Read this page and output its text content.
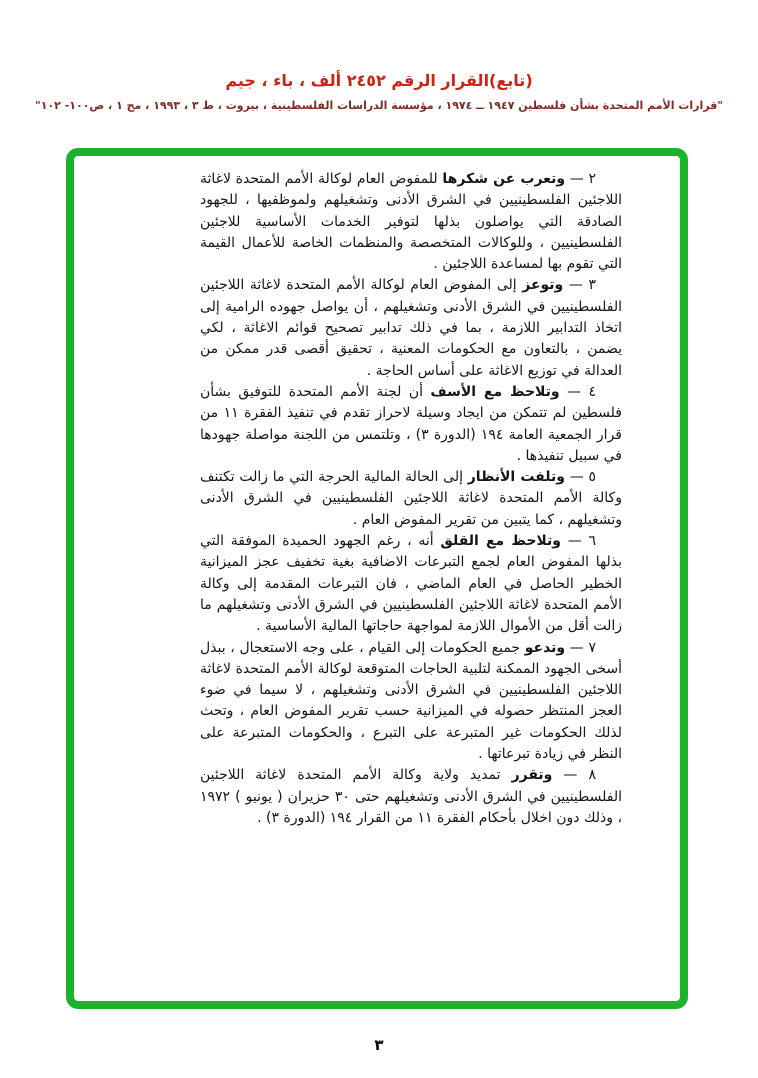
(تابع)القرار الرقم ٢٤٥٢ ألف ، باء ، جيم
"قرارات الأمم المتحدة بشأن فلسطين ١٩٤٧ ــ ١٩٧٤ ، مؤسسة الدراسات الفلسطينية ، بيروت ، ط ٣ ، ١٩٩٣ ، مج ١ ، ص١٠٠- ١٠٢"

٢ — وتعرب عن شكرها للمفوض العام لوكالة الأمم المتحدة لاغاثة اللاجئين الفلسطينيين في الشرق الأدنى وتشغيلهم ولموظفيها ، للجهود الصادقة التي يواصلون بذلها لتوفير الخدمات الأساسية للاجئين الفلسطينيين ، وللوكالات المتخصصة والمنظمات الخاصة للأعمال القيمة التي تقوم بها لمساعدة اللاجئين .

٣ — وتوعز إلى المفوض العام لوكالة الأمم المتحدة لاغاثة اللاجئين الفلسطينيين في الشرق الأدنى وتشغيلهم ، أن يواصل جهوده الرامية إلى اتخاذ التدابير اللازمة ، بما في ذلك تدابير تصحيح قوائم الاغاثة ، لكي يضمن ، بالتعاون مع الحكومات المعنية ، تحقيق أقصى قدر ممكن من العدالة في توزيع الاغاثة على أساس الحاجة .

٤ — وتلاحظ مع الأسف أن لجنة الأمم المتحدة للتوفيق بشأن فلسطين لم تتمكن من ايجاد وسيلة لاحراز تقدم في تنفيذ الفقرة ١١ من قرار الجمعية العامة ١٩٤ (الدورة ٣) ، وتلتمس من اللجنة مواصلة جهودها في سبيل تنفيذها .

٥ — وتلفت الأنظار إلى الحالة المالية الحرجة التي ما زالت تكتنف وكالة الأمم المتحدة لاغاثة اللاجئين الفلسطينيين في الشرق الأدنى وتشغيلهم ، كما يتبين من تقرير المفوض العام .

٦ — وتلاحظ مع القلق أنه ، رغم الجهود الحميدة الموفقة التي بذلها المفوض العام لجمع التبرعات الاضافية بغية تخفيف عجز الميزانية الخطير الحاصل في العام الماضي ، فان التبرعات المقدمة إلى وكالة الأمم المتحدة لاغاثة اللاجئين الفلسطينيين في الشرق الأدنى وتشغيلهم ما زالت أقل من الأموال اللازمة لمواجهة حاجاتها المالية الأساسية .

٧ — وتدعو جميع الحكومات إلى القيام ، على وجه الاستعجال ، ببذل أسخى الجهود الممكنة لتلبية الحاجات المتوقعة لوكالة الأمم المتحدة لاغاثة اللاجئين الفلسطينيين في الشرق الأدنى وتشغيلهم ، لا سيما في ضوء العجز المنتظر حصوله في الميزانية حسب تقرير المفوض العام ، وتحث لذلك الحكومات غير المتبرعة على التبرع ، والحكومات المتبرعة على النظر في زيادة تبرعاتها .

٨ — وتقرر تمديد ولاية وكالة الأمم المتحدة لاغاثة اللاجئين الفلسطينيين في الشرق الأدنى وتشغيلهم حتى ٣٠ حزيران ( يونيو ) ١٩٧٢ ، وذلك دون اخلال بأحكام الفقرة ١١ من القرار ١٩٤ (الدورة ٣) .

٣
